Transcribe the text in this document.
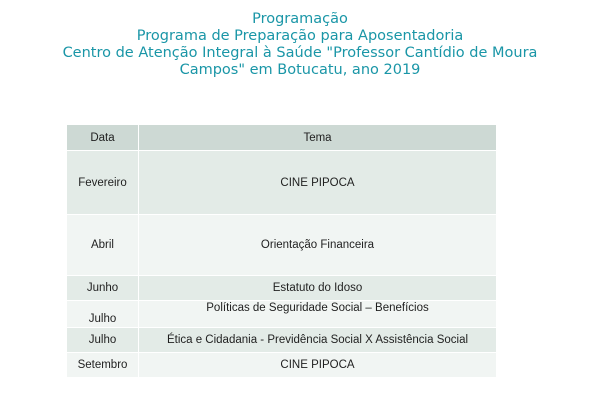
Programação
Programa de Preparação para Aposentadoria
Centro de Atenção Integral à Saúde "Professor Cantídio de Moura
Campos" em Botucatu, ano 2019
Data	Tema
Fevereiro	CINE PIPOCA
Abril	Orientação Financeira
Junho	Estatuto do Idoso
Julho	Políticas de Seguridade Social – Benefícios
Julho	Ética e Cidadania - Previdência Social X Assistência Social
Setembro	CINE PIPOCA
